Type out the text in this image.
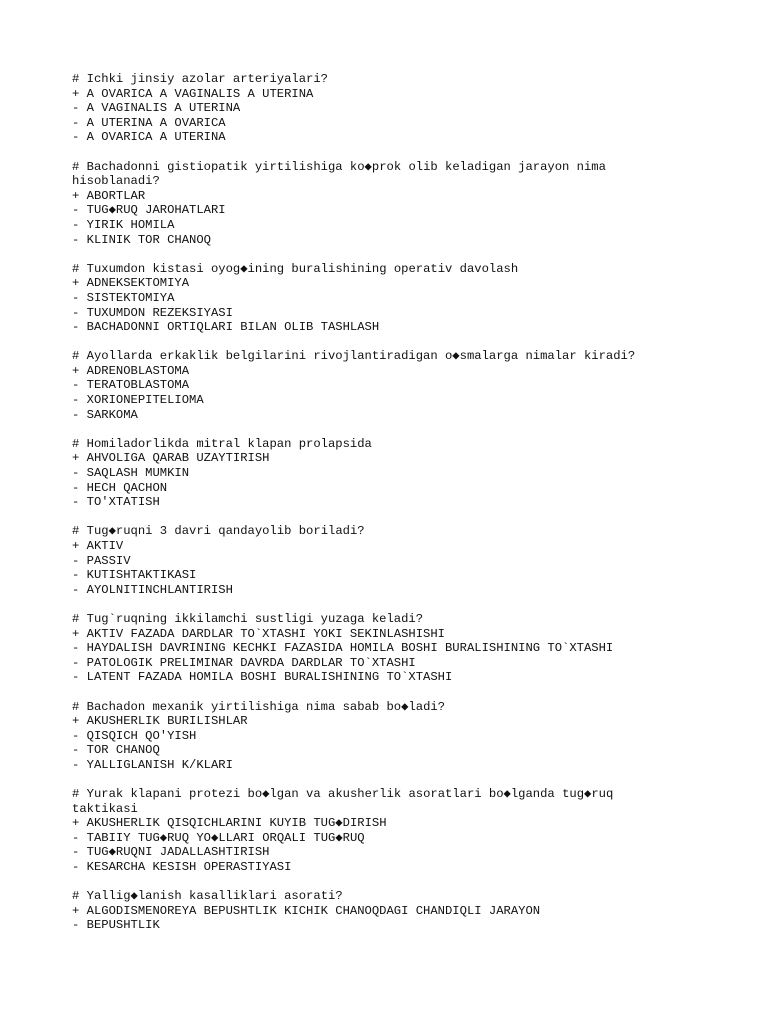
# Ichki jinsiy azolar arteriyalari?
+ A OVARICA A VAGINALIS A UTERINA
- A VAGINALIS A UTERINA
- A UTERINA A OVARICA
- A OVARICA A UTERINA
# Bachadonni gistiopatik yirtilishiga ko◆prok olib keladigan jarayon nima hisoblanadi?
+ ABORTLAR
- TUG◆RUQ JAROHATLARI
- YIRIK HOMILA
- KLINIK TOR CHANOQ
# Tuxumdon kistasi oyog◆ining buralishining operativ davolash
+ ADNEKSEKTOMIYA
- SISTEKTOMIYA
- TUXUMDON REZEKSIYASI
- BACHADONNI ORTIQLARI BILAN OLIB TASHLASH
# Ayollarda erkaklik belgilarini rivojlantiradigan o◆smalarga nimalar kiradi?
+ ADRENOBLASTOMA
- TERATOBLASTOMA
- XORIONEPITELIOMA
- SARKOMA
# Homiladorlikda mitral klapan prolapsida
+ AHVOLIGA QARAB UZAYTIRISH
- SAQLASH MUMKIN
- HECH QACHON
- TO'XTATISH
# Tug◆ruqni 3 davri qandayolib boriladi?
+ AKTIV
- PASSIV
- KUTISHTAKTIKASI
- AYOLNITINCHLANTIRISH
# Tug`ruqning ikkilamchi sustligi yuzaga keladi?
+ AKTIV FAZADA DARDLAR TO`XTASHI YOKI SEKINLASHISHI
- HAYDALISH DAVRINING KECHKI FAZASIDA HOMILA BOSHI BURALISHINING TO`XTASHI
- PATOLOGIK PRELIMINAR DAVRDA DARDLAR TO`XTASHI
- LATENT FAZADA HOMILA BOSHI BURALISHINING TO`XTASHI
# Bachadon mexanik yirtilishiga nima sabab bo◆ladi?
+ AKUSHERLIK BURILISHLAR
- QISQICH QO'YISH
- TOR CHANOQ
- YALLIGLANISH K/KLARI
# Yurak klapani protezi bo◆lgan va akusherlik asoratlari bo◆lganda tug◆ruq taktikasi
+ AKUSHERLIK QISQICHLARINI KUYIB TUG◆DIRISH
- TABIIY TUG◆RUQ YO◆LLARI ORQALI TUG◆RUQ
- TUG◆RUQNI JADALLASHTIRISH
- KESARCHA KESISH OPERASTIYASI
# Yallig◆lanish kasalliklari asorati?
+ ALGODISMENOREYA BEPUSHTLIK KICHIK CHANOQDAGI CHANDIQLI JARAYON
- BEPUSHTLIK
